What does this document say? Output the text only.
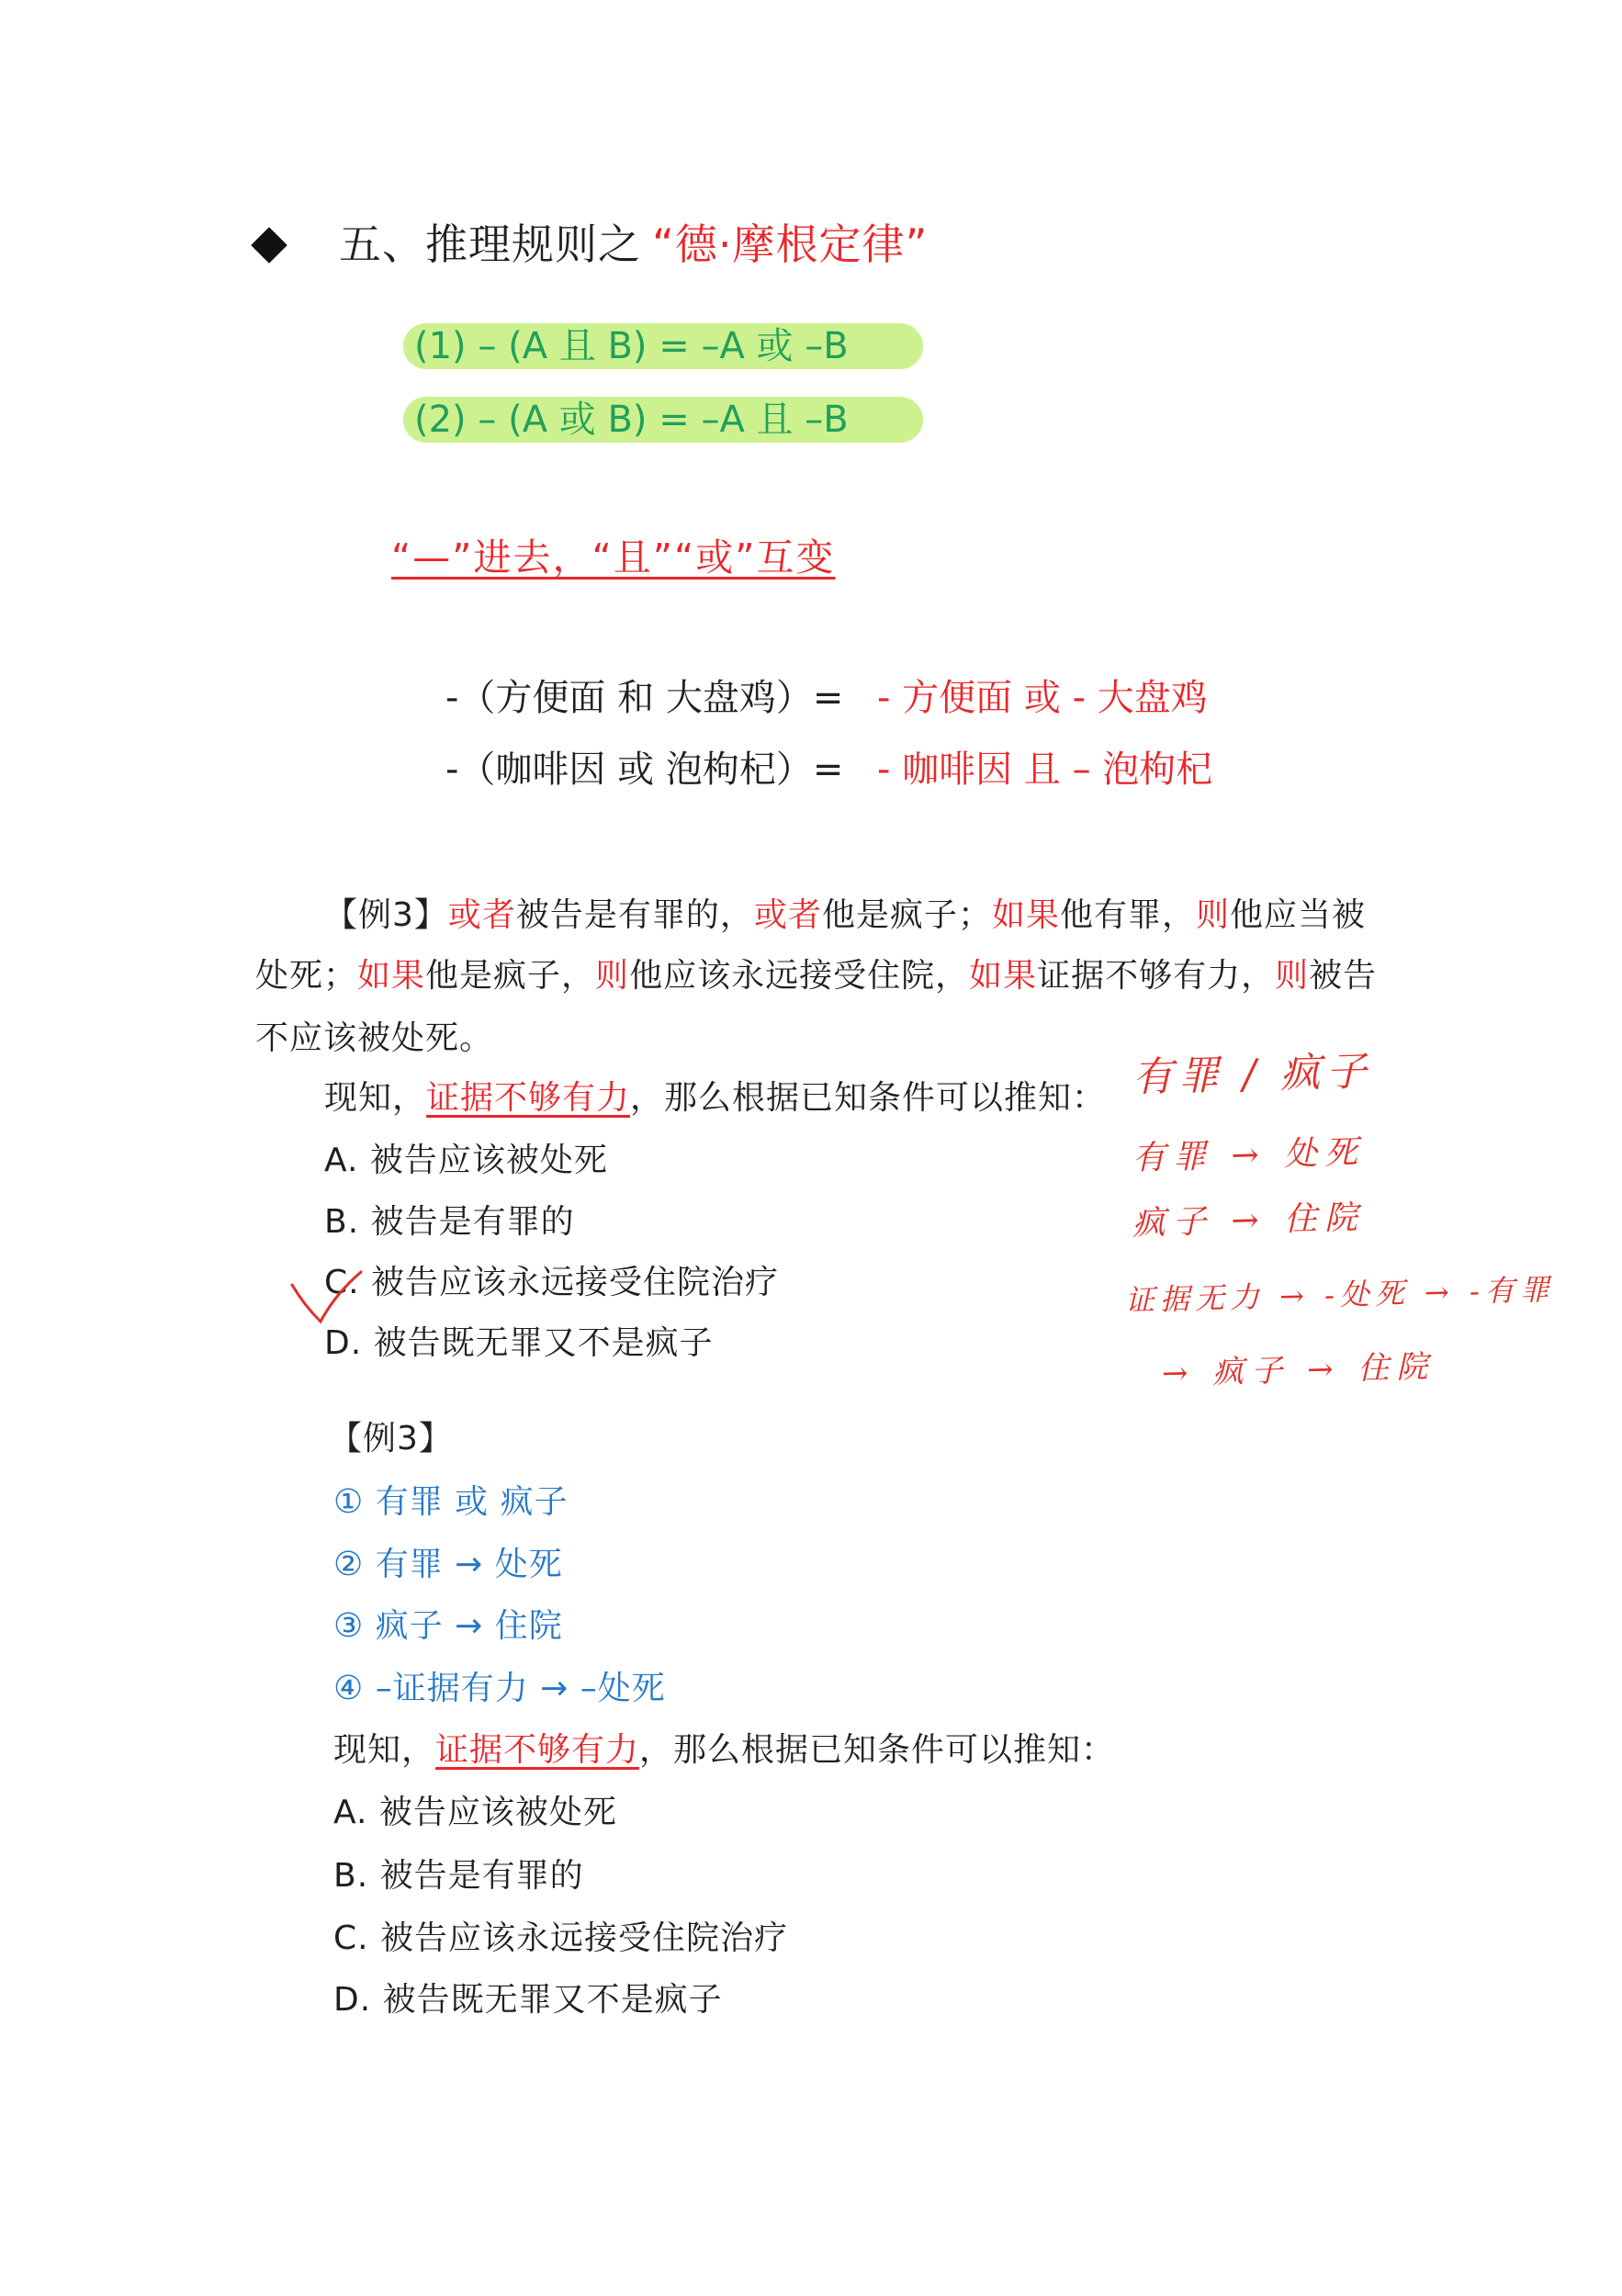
五、推理规则之 “德·摩根定律”
(1) – (A 且 B) = –A 或 –B
(2) – (A 或 B) = –A 且 –B
“—”进去，“且”“或”互变
-（方便面 和 大盘鸡）= - 方便面 或 - 大盘鸡
-（咖啡因 或 泡枸杞）= - 咖啡因 且 – 泡枸杞
【例3】或者被告是有罪的，或者他是疯子；如果他有罪，则他应当被
处死；如果他是疯子，则他应该永远接受住院，如果证据不够有力，则被告
不应该被处死。
现知，证据不够有力，那么根据已知条件可以推知：
A. 被告应该被处死
B. 被告是有罪的
C. 被告应该永远接受住院治疗
D. 被告既无罪又不是疯子
有罪 / 疯子
有罪 → 处死
疯子 → 住院
证据无力 → -处死 → -有罪
→ 疯子 → 住院
【例3】
① 有罪 或 疯子
② 有罪 → 处死
③ 疯子 → 住院
④ –证据有力 → –处死
现知，证据不够有力，那么根据已知条件可以推知：
A. 被告应该被处死
B. 被告是有罪的
C. 被告应该永远接受住院治疗
D. 被告既无罪又不是疯子
